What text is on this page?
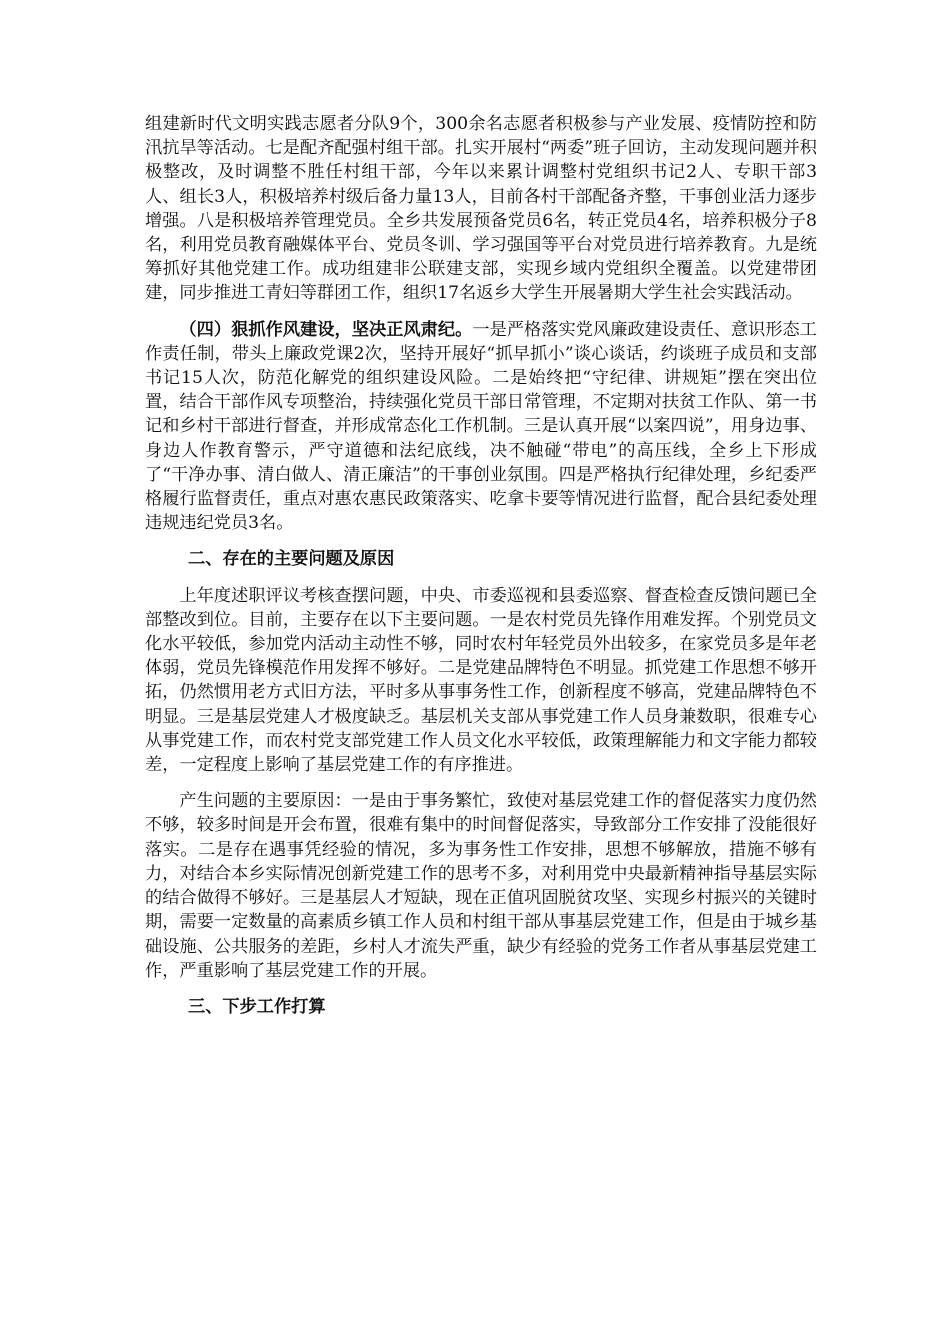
组建新时代文明实践志愿者分队9个，300余名志愿者积极参与产业发展、疫情防控和防汛抗旱等活动。七是配齐配强村组干部。扎实开展村“两委”班子回访，主动发现问题并积极整改，及时调整不胜任村组干部，今年以来累计调整村党组织书记2人、专职干部3人、组长3人，积极培养村级后备力量13人，目前各村干部配备齐整，干事创业活力逐步增强。八是积极培养管理党员。全乡共发展预备党员6名，转正党员4名，培养积极分子8名，利用党员教育融媒体平台、党员冬训、学习强国等平台对党员进行培养教育。九是统筹抓好其他党建工作。成功组建非公联建支部，实现乡域内党组织全覆盖。以党建带团建，同步推进工青妇等群团工作，组织17名返乡大学生开展暑期大学生社会实践活动。

（四）狠抓作风建设，坚决正风肃纪。一是严格落实党风廉政建设责任、意识形态工作责任制，带头上廉政党课2次，坚持开展好“抓早抓小”谈心谈话，约谈班子成员和支部书记15人次，防范化解党的组织建设风险。二是始终把“守纪律、讲规矩”摆在突出位置，结合干部作风专项整治，持续强化党员干部日常管理，不定期对扶贫工作队、第一书记和乡村干部进行督查，并形成常态化工作机制。三是认真开展“以案四说”，用身边事、身边人作教育警示，严守道德和法纪底线，决不触碰“带电”的高压线，全乡上下形成了“干净办事、清白做人、清正廉洁”的干事创业氛围。四是严格执行纪律处理，乡纪委严格履行监督责任，重点对惠农惠民政策落实、吃拿卡要等情况进行监督，配合县纪委处理违规违纪党员3名。

二、存在的主要问题及原因

上年度述职评议考核查摆问题，中央、市委巡视和县委巡察、督查检查反馈问题已全部整改到位。目前，主要存在以下主要问题。一是农村党员先锋作用难发挥。个别党员文化水平较低，参加党内活动主动性不够，同时农村年轻党员外出较多，在家党员多是年老体弱，党员先锋模范作用发挥不够好。二是党建品牌特色不明显。抓党建工作思想不够开拓，仍然惯用老方式旧方法，平时多从事事务性工作，创新程度不够高，党建品牌特色不明显。三是基层党建人才极度缺乏。基层机关支部从事党建工作人员身兼数职，很难专心从事党建工作，而农村党支部党建工作人员文化水平较低，政策理解能力和文字能力都较差，一定程度上影响了基层党建工作的有序推进。

产生问题的主要原因：一是由于事务繁忙，致使对基层党建工作的督促落实力度仍然不够，较多时间是开会布置，很难有集中的时间督促落实，导致部分工作安排了没能很好落实。二是存在遇事凭经验的情况，多为事务性工作安排，思想不够解放，措施不够有力，对结合本乡实际情况创新党建工作的思考不多，对利用党中央最新精神指导基层实际的结合做得不够好。三是基层人才短缺，现在正值巩固脱贫攻坚、实现乡村振兴的关键时期，需要一定数量的高素质乡镇工作人员和村组干部从事基层党建工作，但是由于城乡基础设施、公共服务的差距，乡村人才流失严重，缺少有经验的党务工作者从事基层党建工作，严重影响了基层党建工作的开展。

三、下步工作打算
